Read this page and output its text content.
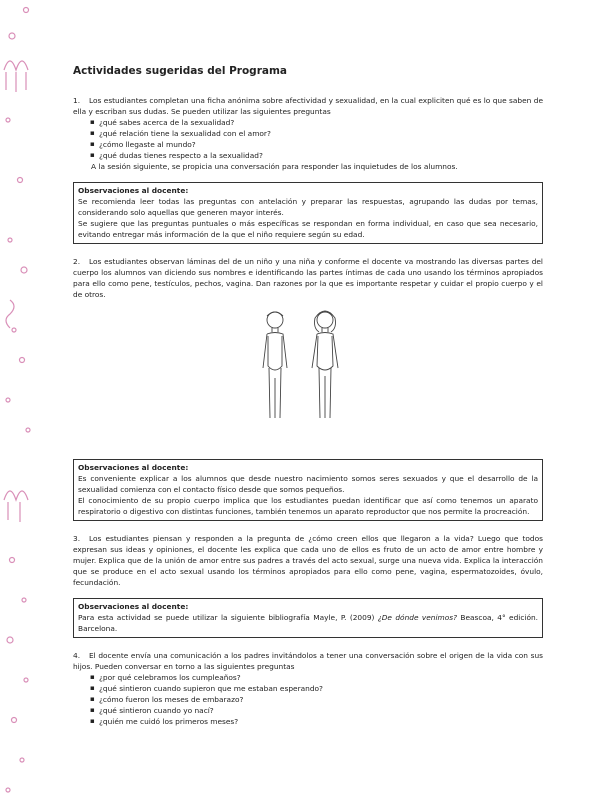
Actividades sugeridas del Programa

1. Los estudiantes completan una ficha anónima sobre afectividad y sexualidad, en la cual expliciten qué es lo que saben de ella y escriban sus dudas. Se pueden utilizar las siguientes preguntas

▪ ¿qué sabes acerca de la sexualidad?
▪ ¿qué relación tiene la sexualidad con el amor?
▪ ¿cómo llegaste al mundo?
▪ ¿qué dudas tienes respecto a la sexualidad?

A la sesión siguiente, se propicia una conversación para responder las inquietudes de los alumnos.

Observaciones al docente:

Se recomienda leer todas las preguntas con antelación y preparar las respuestas, agrupando las dudas por temas, considerando solo aquellas que generen mayor interés.

Se sugiere que las preguntas puntuales o más específicas se respondan en forma individual, en caso que sea necesario, evitando entregar más información de la que el niño requiere según su edad.

2. Los estudiantes observan láminas del de un niño y una niña y conforme el docente va mostrando las diversas partes del cuerpo los alumnos van diciendo sus nombres e identificando las partes íntimas de cada uno usando los términos apropiados para ello como pene, testículos, pechos, vagina. Dan razones por la que es importante respetar y cuidar el propio cuerpo y el de otros.

Observaciones al docente:

Es conveniente explicar a los alumnos que desde nuestro nacimiento somos seres sexuados y que el desarrollo de la sexualidad comienza con el contacto físico desde que somos pequeños.

El conocimiento de su propio cuerpo implica que los estudiantes puedan identificar que así como tenemos un aparato respiratorio o digestivo con distintas funciones, también tenemos un aparato reproductor que nos permite la procreación.

3. Los estudiantes piensan y responden a la pregunta de ¿cómo creen ellos que llegaron a la vida? Luego que todos expresan sus ideas y opiniones, el docente les explica que cada uno de ellos es fruto de un acto de amor entre hombre y mujer. Explica que de la unión de amor entre sus padres a través del acto sexual, surge una nueva vida. Explica la interacción que se produce en el acto sexual usando los términos apropiados para ello como pene, vagina, espermatozoides, óvulo, fecundación.

Observaciones al docente:

Para esta actividad se puede utilizar la siguiente bibliografía Mayle, P. (2009) ¿De dónde venimos? Beascoa, 4° edición. Barcelona.

4. El docente envía una comunicación a los padres invitándolos a tener una conversación sobre el origen de la vida con sus hijos. Pueden conversar en torno a las siguientes preguntas

▪ ¿por qué celebramos los cumpleaños?
▪ ¿qué sintieron cuando supieron que me estaban esperando?
▪ ¿cómo fueron los meses de embarazo?
▪ ¿qué sintieron cuando yo nací?
▪ ¿quién me cuidó los primeros meses?
